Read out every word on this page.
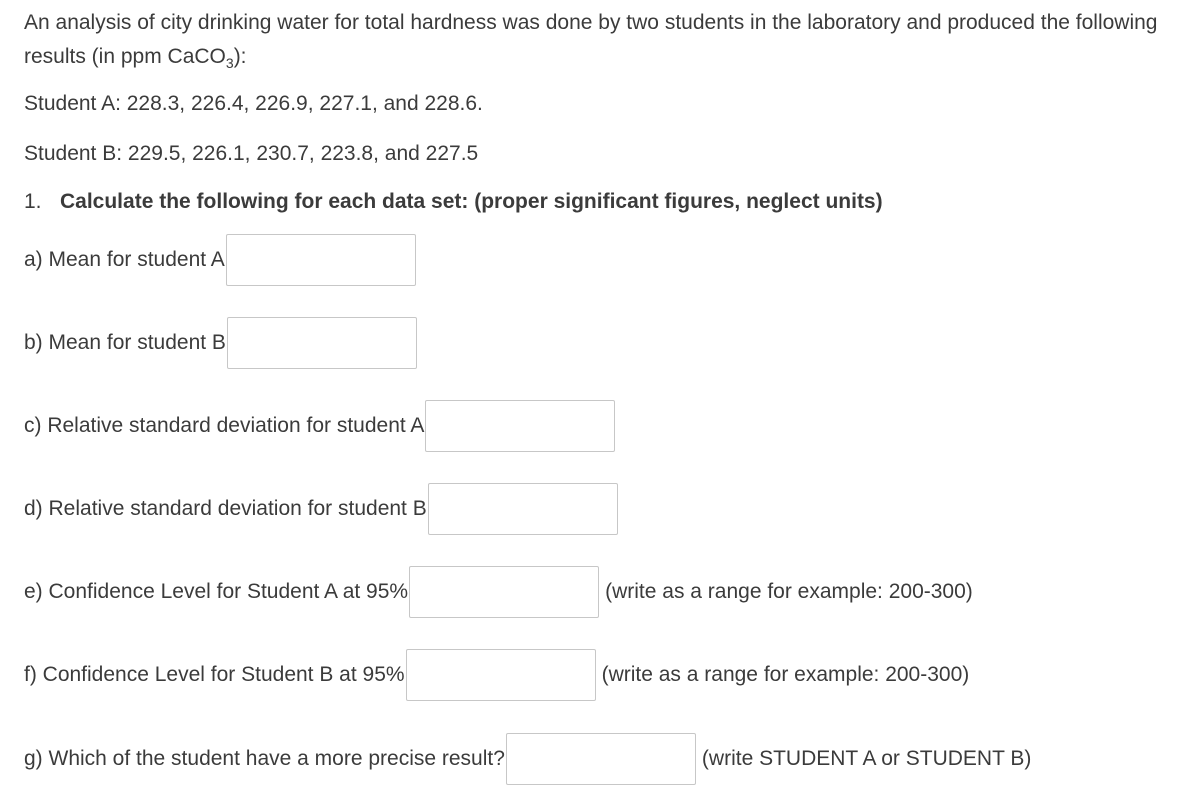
An analysis of city drinking water for total hardness was done by two students in the laboratory and produced the following results (in ppm CaCO$_3$):

Student A: 228.3, 226.4, 226.9, 227.1, and 228.6.

Student B: 229.5, 226.1, 230.7, 223.8, and 227.5

1. Calculate the following for each data set: (proper significant figures, neglect units)
a) Mean for student A
b) Mean for student B
c) Relative standard deviation for student A
d) Relative standard deviation for student B
e) Confidence Level for Student A at 95%	(write as a range for example: 200-300)
f) Confidence Level for Student B at 95%	(write as a range for example: 200-300)
g) Which of the student have a more precise result?	(write STUDENT A or STUDENT B)
